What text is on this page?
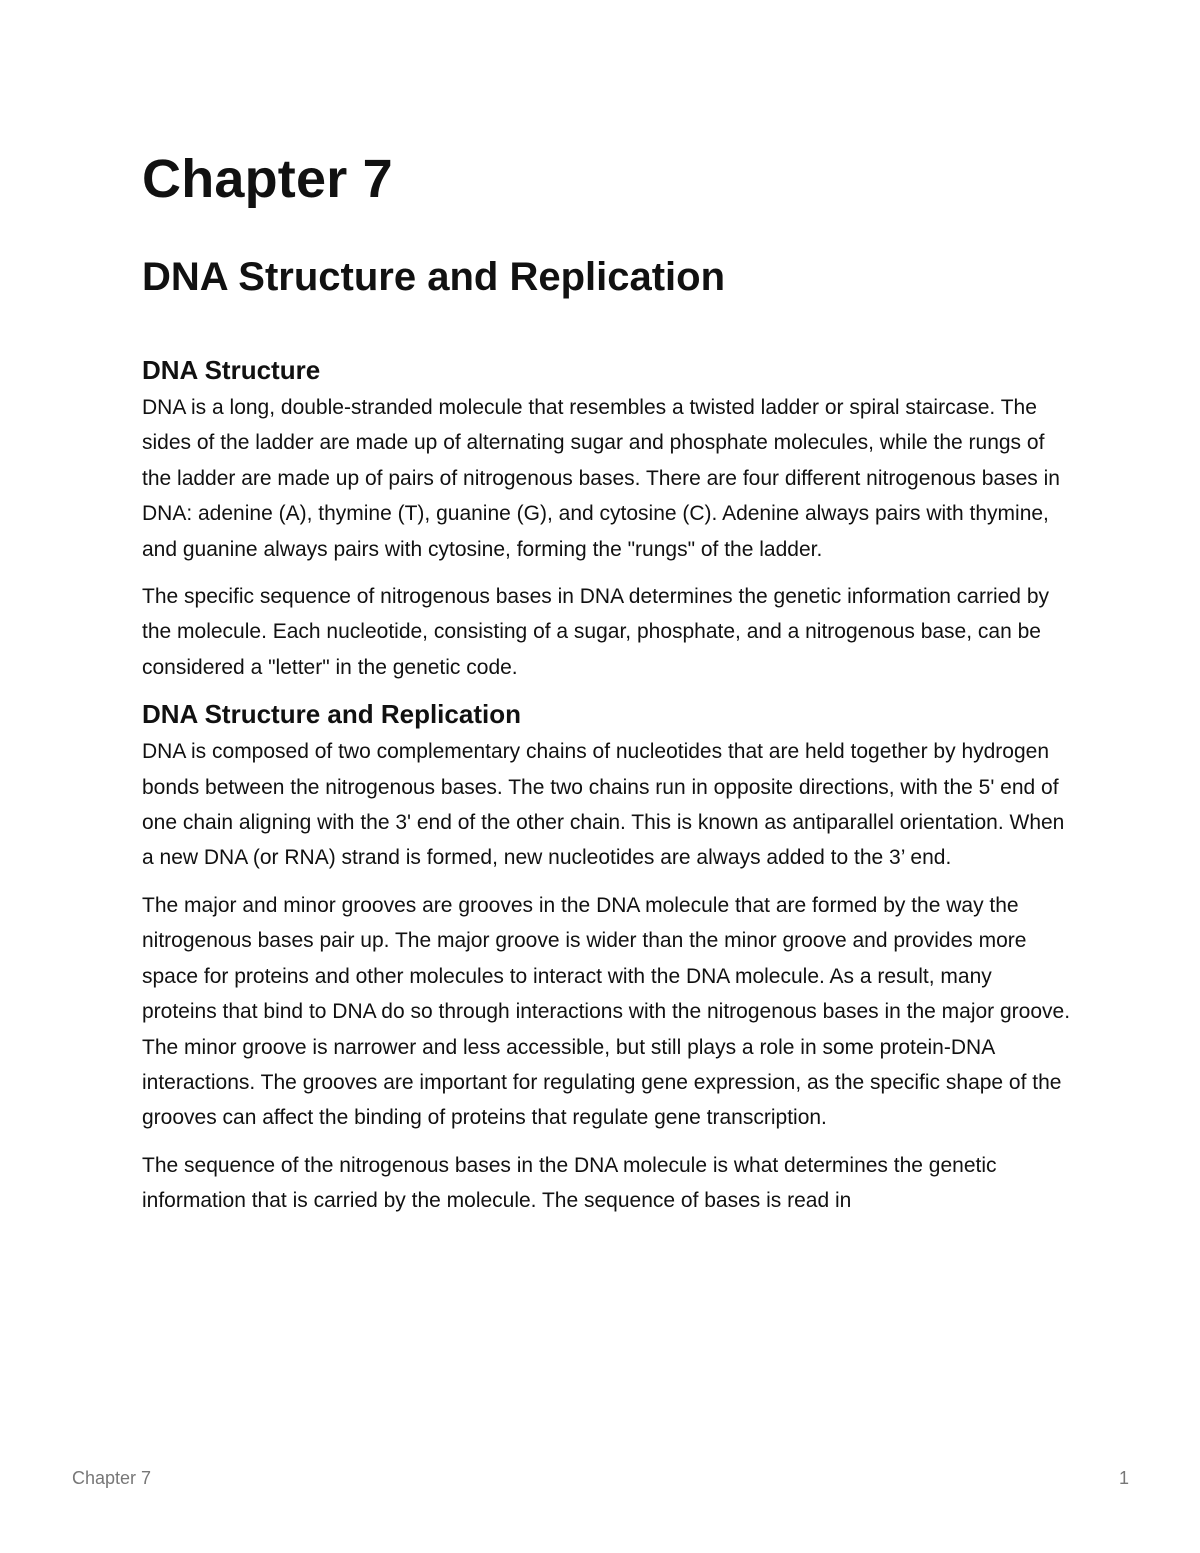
Chapter 7
DNA Structure and Replication
DNA Structure

DNA is a long, double-stranded molecule that resembles a twisted ladder or spiral staircase. The sides of the ladder are made up of alternating sugar and phosphate molecules, while the rungs of the ladder are made up of pairs of nitrogenous bases. There are four different nitrogenous bases in DNA: adenine (A), thymine (T), guanine (G), and cytosine (C). Adenine always pairs with thymine, and guanine always pairs with cytosine, forming the "rungs" of the ladder.

The specific sequence of nitrogenous bases in DNA determines the genetic information carried by the molecule. Each nucleotide, consisting of a sugar, phosphate, and a nitrogenous base, can be considered a "letter" in the genetic code.

DNA Structure and Replication

DNA is composed of two complementary chains of nucleotides that are held together by hydrogen bonds between the nitrogenous bases. The two chains run in opposite directions, with the 5' end of one chain aligning with the 3' end of the other chain. This is known as antiparallel orientation. When a new DNA (or RNA) strand is formed, new nucleotides are always added to the 3’ end.

The major and minor grooves are grooves in the DNA molecule that are formed by the way the nitrogenous bases pair up. The major groove is wider than the minor groove and provides more space for proteins and other molecules to interact with the DNA molecule. As a result, many proteins that bind to DNA do so through interactions with the nitrogenous bases in the major groove. The minor groove is narrower and less accessible, but still plays a role in some protein-DNA interactions. The grooves are important for regulating gene expression, as the specific shape of the grooves can affect the binding of proteins that regulate gene transcription.

The sequence of the nitrogenous bases in the DNA molecule is what determines the genetic information that is carried by the molecule. The sequence of bases is read in

Chapter 7	1
